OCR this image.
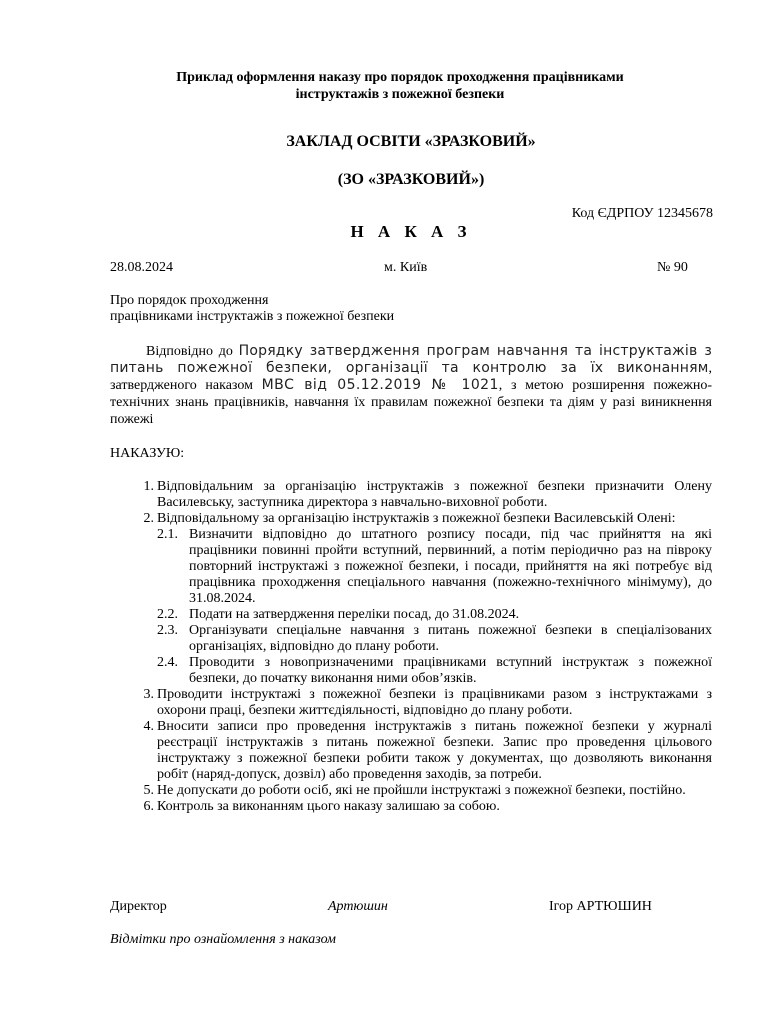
Приклад оформлення наказу про порядок проходження працівниками
інструктажів з пожежної безпеки
ЗАКЛАД ОСВІТИ «ЗРАЗКОВИЙ»
(ЗО «ЗРАЗКОВИЙ»)
Код ЄДРПОУ 12345678
Н А К А З
28.08.2024	м. Київ	№ 90
Про порядок проходження
працівниками інструктажів з пожежної безпеки
Відповідно до Порядку затвердження програм навчання та інструктажів з питань пожежної безпеки, організації та контролю за їх виконанням, затвердженого наказом МВС від 05.12.2019 № 1021, з метою розширення пожежно-технічних знань працівників, навчання їх правилам пожежної безпеки та діям у разі виникнення пожежі
НАКАЗУЮ:
1. Відповідальним за організацію інструктажів з пожежної безпеки призначити Олену Василевську, заступника директора з навчально-виховної роботи.
2. Відповідальному за організацію інструктажів з пожежної безпеки Василевській Олені:
2.1. Визначити відповідно до штатного розпису посади, під час прийняття на які працівники повинні пройти вступний, первинний, а потім періодично раз на півроку повторний інструктажі з пожежної безпеки, і посади, прийняття на які потребує від працівника проходження спеціального навчання (пожежно-технічного мінімуму), до 31.08.2024.
2.2. Подати на затвердження переліки посад, до 31.08.2024.
2.3. Організувати спеціальне навчання з питань пожежної безпеки в спеціалізованих організаціях, відповідно до плану роботи.
2.4. Проводити з новопризначеними працівниками вступний інструктаж з пожежної безпеки, до початку виконання ними обов’язків.
3. Проводити інструктажі з пожежної безпеки із працівниками разом з інструктажами з охорони праці, безпеки життєдіяльності, відповідно до плану роботи.
4. Вносити записи про проведення інструктажів з питань пожежної безпеки у журналі реєстрації інструктажів з питань пожежної безпеки. Запис про проведення цільового інструктажу з пожежної безпеки робити також у документах, що дозволяють виконання робіт (наряд-допуск, дозвіл) або проведення заходів, за потреби.
5. Не допускати до роботи осіб, які не пройшли інструктажі з пожежної безпеки, постійно.
6. Контроль за виконанням цього наказу залишаю за собою.
Директор	Артюшин	Ігор АРТЮШИН
Відмітки про ознайомлення з наказом
